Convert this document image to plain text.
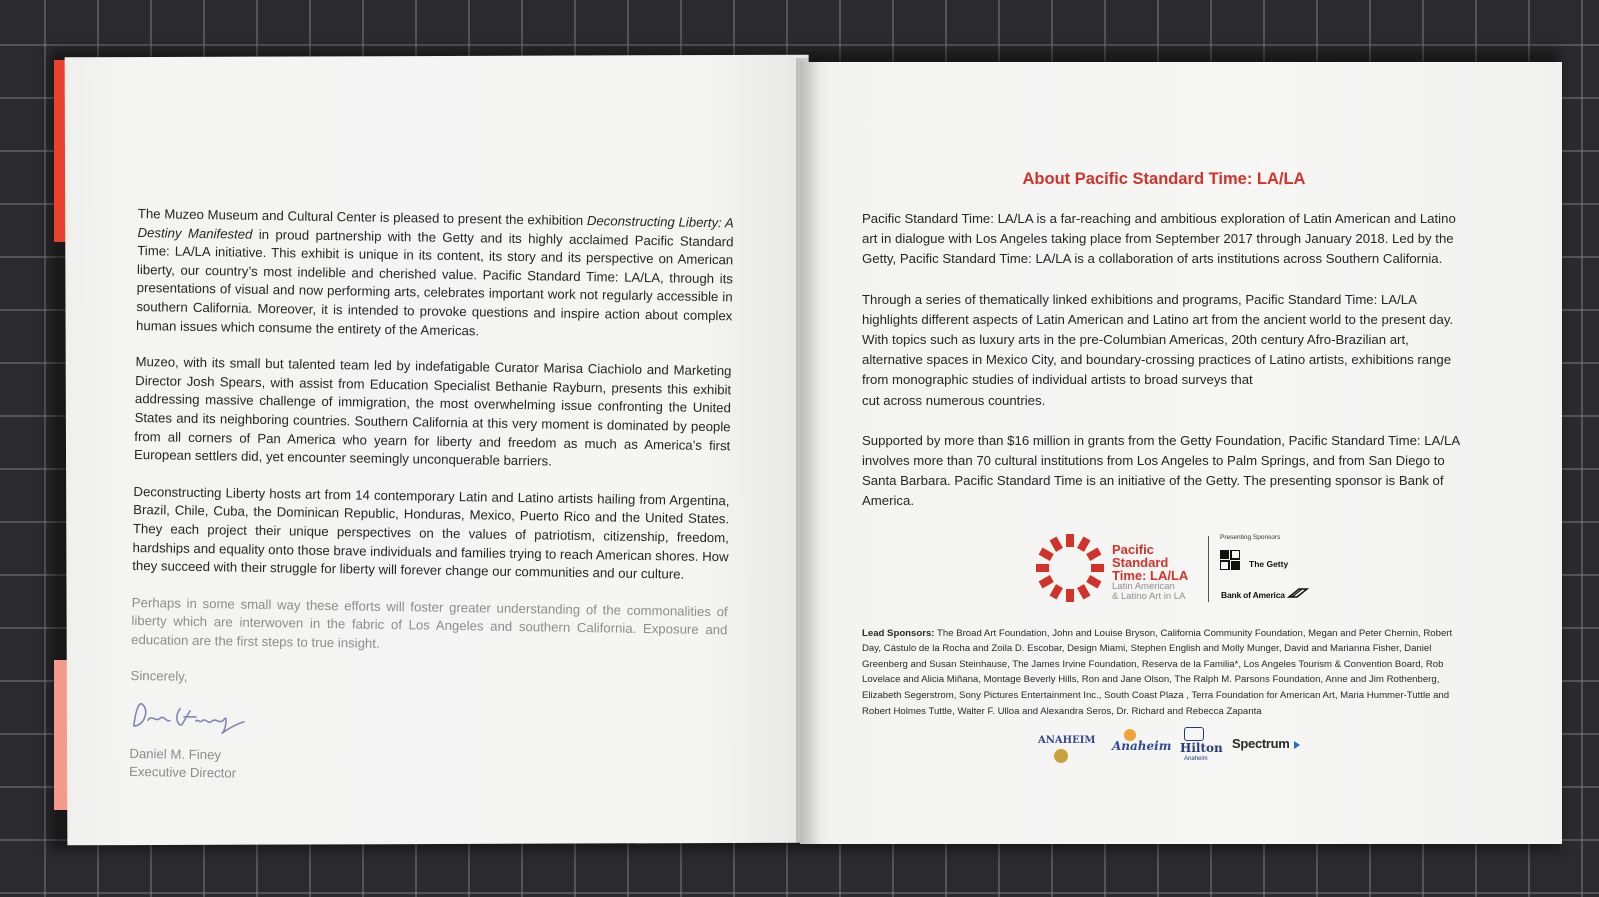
The Muzeo Museum and Cultural Center is pleased to present the exhibition Deconstructing Liberty: A Destiny Manifested in proud partnership with the Getty and its highly acclaimed Pacific Standard Time: LA/LA initiative. This exhibit is unique in its content, its story and its perspective on American liberty, our country’s most indelible and cherished value. Pacific Standard Time: LA/LA, through its presentations of visual and now performing arts, celebrates important work not regularly accessible in southern California. Moreover, it is intended to provoke questions and inspire action about complex human issues which consume the entirety of the Americas.

Muzeo, with its small but talented team led by indefatigable Curator Marisa Ciachiolo and Marketing Director Josh Spears, with assist from Education Specialist Bethanie Rayburn, presents this exhibit addressing massive challenge of immigration, the most overwhelming issue confronting the United States and its neighboring countries. Southern California at this very moment is dominated by people from all corners of Pan America who yearn for liberty and freedom as much as America’s first European settlers did, yet encounter seemingly unconquerable barriers.

Deconstructing Liberty hosts art from 14 contemporary Latin and Latino artists hailing from Argentina, Brazil, Chile, Cuba, the Dominican Republic, Honduras, Mexico, Puerto Rico and the United States. They each project their unique perspectives on the values of patriotism, citizenship, freedom, hardships and equality onto those brave individuals and families trying to reach American shores. How they succeed with their struggle for liberty will forever change our communities and our culture.

Perhaps in some small way these efforts will foster greater understanding of the commonalities of liberty which are interwoven in the fabric of Los Angeles and southern California. Exposure and education are the first steps to true insight.

Sincerely,
Daniel M. Finey
Executive Director
About Pacific Standard Time: LA/LA

Pacific Standard Time: LA/LA is a far-reaching and ambitious exploration of Latin American and Latino art in dialogue with Los Angeles taking place from September 2017 through January 2018. Led by the Getty, Pacific Standard Time: LA/LA is a collaboration of arts institutions across Southern California.

Through a series of thematically linked exhibitions and programs, Pacific Standard Time: LA/LA highlights different aspects of Latin American and Latino art from the ancient world to the present day. With topics such as luxury arts in the pre-Columbian Americas, 20th century Afro-Brazilian art, alternative spaces in Mexico City, and boundary-crossing practices of Latino artists, exhibitions range from monographic studies of individual artists to broad surveys that
cut across numerous countries.

Supported by more than $16 million in grants from the Getty Foundation, Pacific Standard Time: LA/LA involves more than 70 cultural institutions from Los Angeles to Palm Springs, and from San Diego to Santa Barbara. Pacific Standard Time is an initiative of the Getty. The presenting sponsor is Bank of America.

Pacific
Standard
Time: LA/LA
Latin American
& Latino Art in LA
Presenting Sponsors
The Getty
Bank of America

Lead Sponsors: The Broad Art Foundation, John and Louise Bryson, California Community Foundation, Megan and Peter Chernin, Robert Day, Cástulo de la Rocha and Zoila D. Escobar, Design Miami, Stephen English and Molly Munger, David and Marianna Fisher, Daniel Greenberg and Susan Steinhause, The James Irvine Foundation, Reserva de la Familia*, Los Angeles Tourism & Convention Board, Rob Lovelace and Alicia Miñana, Montage Beverly Hills, Ron and Jane Olson, The Ralph M. Parsons Foundation, Anne and Jim Rothenberg, Elizabeth Segerstrom, Sony Pictures Entertainment Inc., South Coast Plaza , Terra Foundation for American Art, Maria Hummer-Tuttle and Robert Holmes Tuttle, Walter F. Ulloa and Alexandra Seros, Dr. Richard and Rebecca Zapanta

ANAHEIM Anaheim Hilton
Anaheim
Spectrum
